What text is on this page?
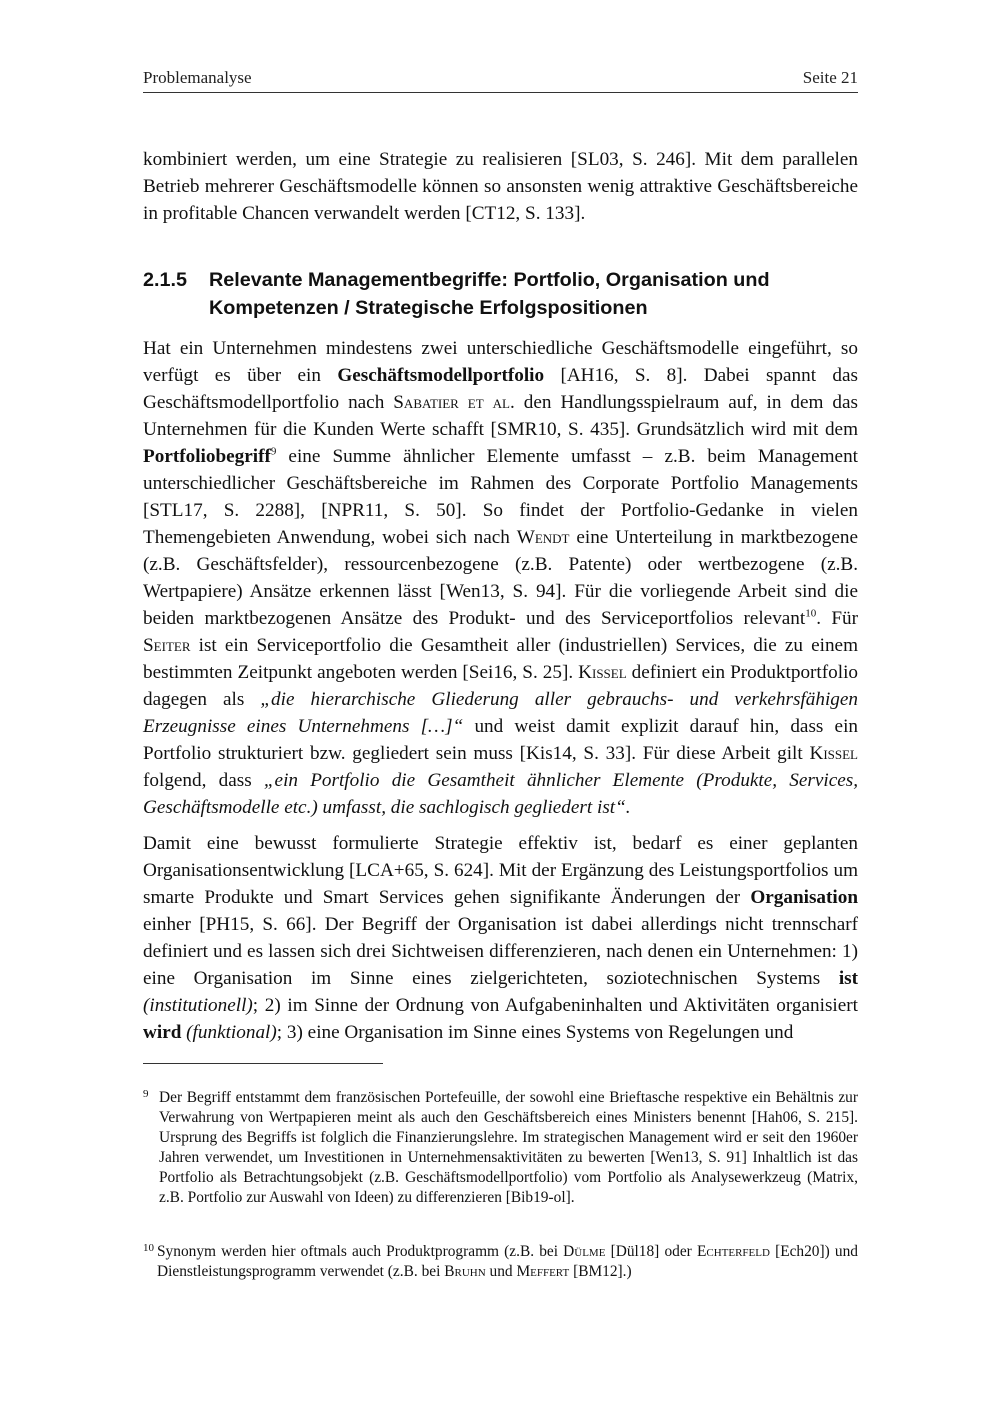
Problemanalyse	Seite 21

kombiniert werden, um eine Strategie zu realisieren [SL03, S. 246]. Mit dem parallelen Betrieb mehrerer Geschäftsmodelle können so ansonsten wenig attraktive Geschäftsbereiche in profitable Chancen verwandelt werden [CT12, S. 133].

2.1.5 Relevante Managementbegriffe: Portfolio, Organisation und Kompetenzen / Strategische Erfolgspositionen

Hat ein Unternehmen mindestens zwei unterschiedliche Geschäftsmodelle eingeführt, so verfügt es über ein Geschäftsmodellportfolio [AH16, S. 8]. Dabei spannt das Geschäftsmodellportfolio nach Sabatier et al. den Handlungsspielraum auf, in dem das Unternehmen für die Kunden Werte schafft [SMR10, S. 435]. Grundsätzlich wird mit dem Portfoliobegriff$^9$ eine Summe ähnlicher Elemente umfasst – z.B. beim Management unterschiedlicher Geschäftsbereiche im Rahmen des Corporate Portfolio Managements [STL17, S. 2288], [NPR11, S. 50]. So findet der Portfolio-Gedanke in vielen Themengebieten Anwendung, wobei sich nach Wendt eine Unterteilung in marktbezogene (z.B. Geschäftsfelder), ressourcenbezogene (z.B. Patente) oder wertbezogene (z.B. Wertpapiere) Ansätze erkennen lässt [Wen13, S. 94]. Für die vorliegende Arbeit sind die beiden marktbezogenen Ansätze des Produkt- und des Serviceportfolios relevant$^{10}$. Für Seiter ist ein Serviceportfolio die Gesamtheit aller (industriellen) Services, die zu einem bestimmten Zeitpunkt angeboten werden [Sei16, S. 25]. Kissel definiert ein Produktportfolio dagegen als „die hierarchische Gliederung aller gebrauchs- und verkehrsfähigen Erzeugnisse eines Unternehmens […]“ und weist damit explizit darauf hin, dass ein Portfolio strukturiert bzw. gegliedert sein muss [Kis14, S. 33]. Für diese Arbeit gilt Kissel folgend, dass „ein Portfolio die Gesamtheit ähnlicher Elemente (Produkte, Services, Geschäftsmodelle etc.) umfasst, die sachlogisch gegliedert ist“.

Damit eine bewusst formulierte Strategie effektiv ist, bedarf es einer geplanten Organisationsentwicklung [LCA+65, S. 624]. Mit der Ergänzung des Leistungsportfolios um smarte Produkte und Smart Services gehen signifikante Änderungen der Organisation einher [PH15, S. 66]. Der Begriff der Organisation ist dabei allerdings nicht trennscharf definiert und es lassen sich drei Sichtweisen differenzieren, nach denen ein Unternehmen: 1) eine Organisation im Sinne eines zielgerichteten, soziotechnischen Systems ist (institutionell); 2) im Sinne der Ordnung von Aufgabeninhalten und Aktivitäten organisiert wird (funktional); 3) eine Organisation im Sinne eines Systems von Regelungen und

9 Der Begriff entstammt dem französischen Portefeuille, der sowohl eine Brieftasche respektive ein Behältnis zur Verwahrung von Wertpapieren meint als auch den Geschäftsbereich eines Ministers benennt [Hah06, S. 215]. Ursprung des Begriffs ist folglich die Finanzierungslehre. Im strategischen Management wird er seit den 1960er Jahren verwendet, um Investitionen in Unternehmensaktivitäten zu bewerten [Wen13, S. 91] Inhaltlich ist das Portfolio als Betrachtungsobjekt (z.B. Geschäftsmodellportfolio) vom Portfolio als Analysewerkzeug (Matrix, z.B. Portfolio zur Auswahl von Ideen) zu differenzieren [Bib19-ol].
10 Synonym werden hier oftmals auch Produktprogramm (z.B. bei Dülme [Dül18] oder Echterfeld [Ech20]) und Dienstleistungsprogramm verwendet (z.B. bei Bruhn und Meffert [BM12].)
